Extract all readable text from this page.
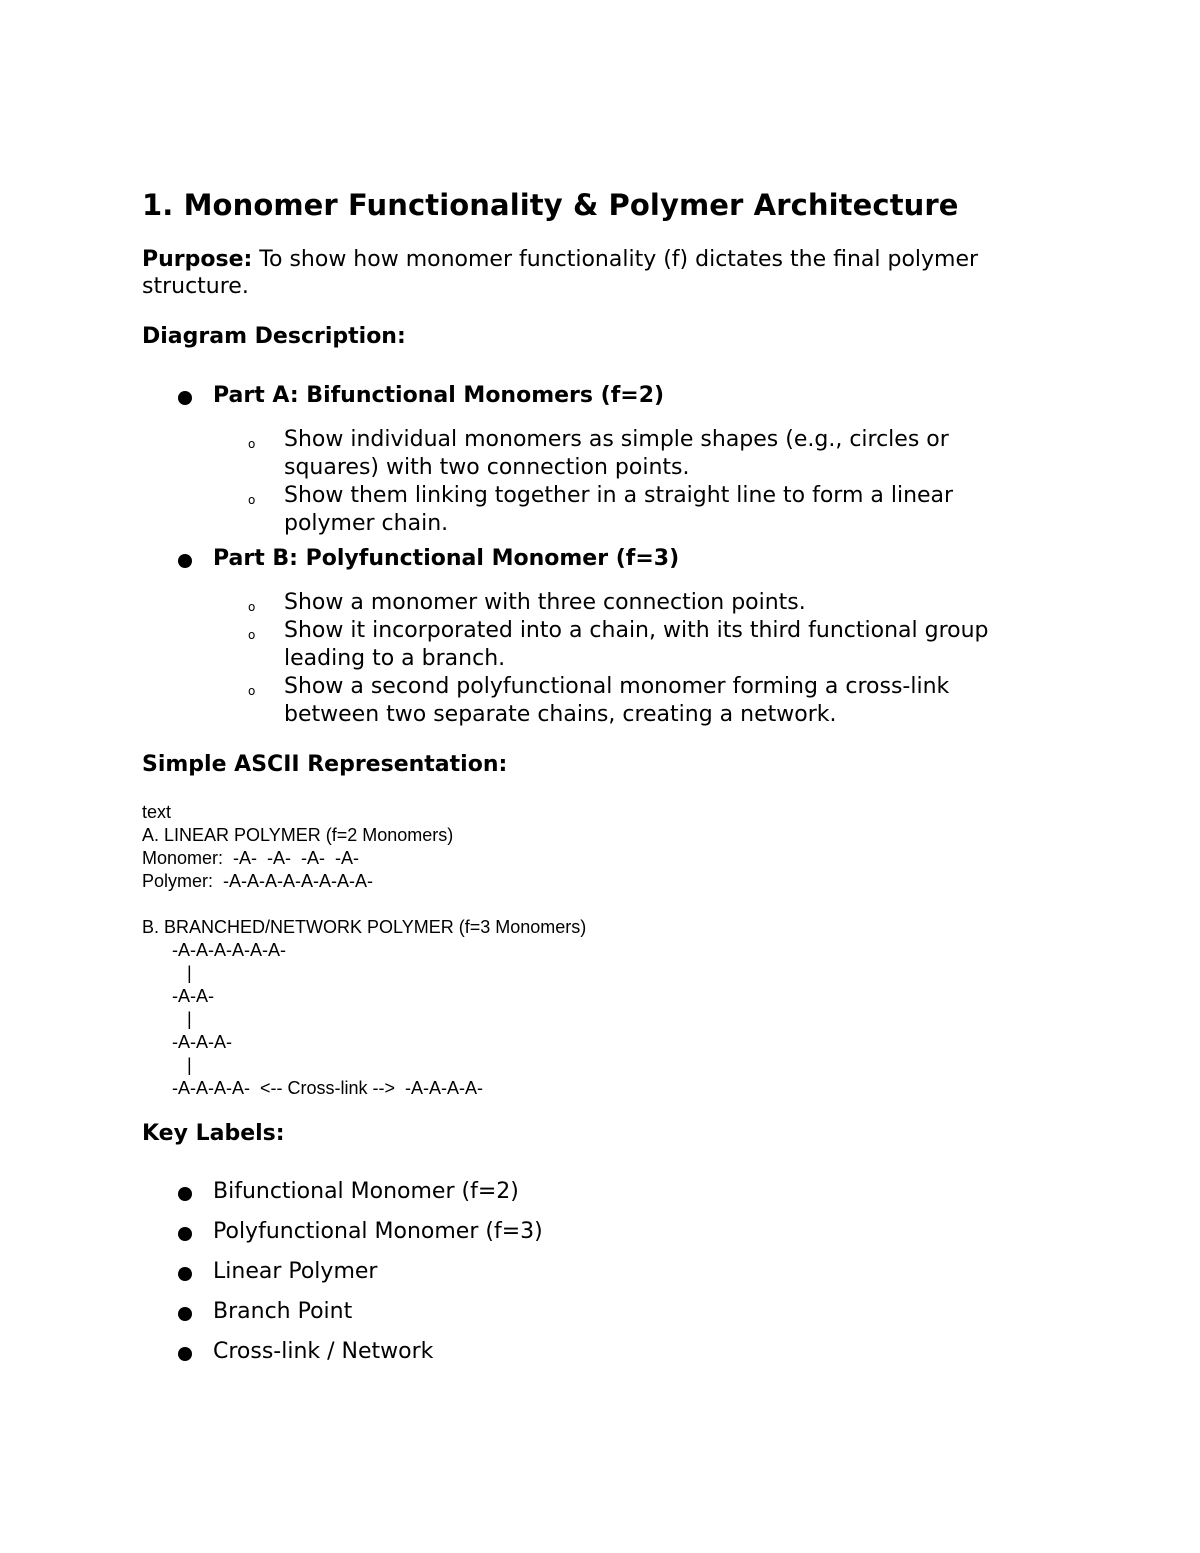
1. Monomer Functionality & Polymer Architecture

Purpose: To show how monomer functionality (f) dictates the final polymer structure.

Diagram Description:
Part A: Bifunctional Monomers (f=2)
o	Show individual monomers as simple shapes (e.g., circles or squares) with two connection points.
o	Show them linking together in a straight line to form a linear polymer chain.
Part B: Polyfunctional Monomer (f=3)
o	Show a monomer with three connection points.
o	Show it incorporated into a chain, with its third functional group leading to a branch.
o	Show a second polyfunctional monomer forming a cross-link between two separate chains, creating a network.
Simple ASCII Representation:
text
A. LINEAR POLYMER (f=2 Monomers)
Monomer:  -A-  -A-  -A-  -A-
Polymer:  -A-A-A-A-A-A-A-A-
B. BRANCHED/NETWORK POLYMER (f=3 Monomers)
-A-A-A-A-A-A-
|
-A-A-
|
-A-A-A-
|
-A-A-A-A-  <-- Cross-link -->  -A-A-A-A-
Key Labels:
Bifunctional Monomer (f=2)
Polyfunctional Monomer (f=3)
Linear Polymer
Branch Point
Cross-link / Network
